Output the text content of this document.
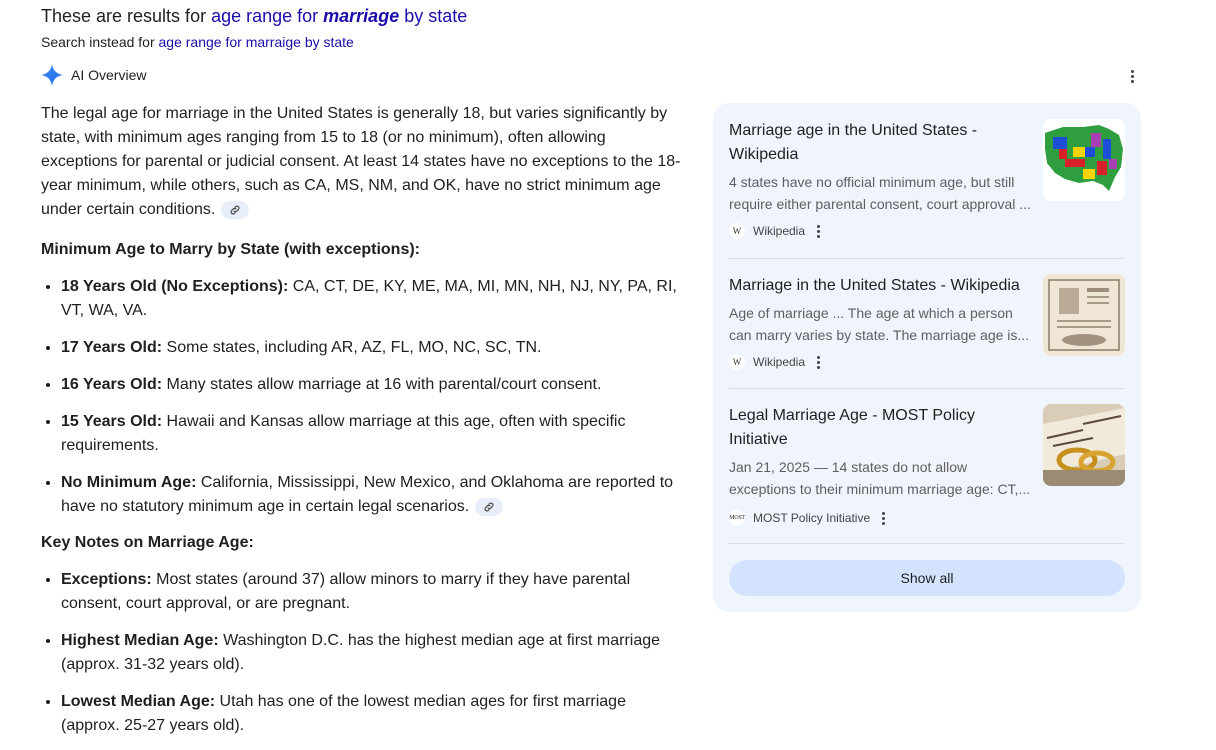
These are results for age range for marriage by state
Search instead for age range for marraige by state
AI Overview

The legal age for marriage in the United States is generally 18, but varies significantly by state, with minimum ages ranging from 15 to 18 (or no minimum), often allowing exceptions for parental or judicial consent. At least 14 states have no exceptions to the 18-year minimum, while others, such as CA, MS, NM, and OK, have no strict minimum age under certain conditions.

Minimum Age to Marry by State (with exceptions):

• 18 Years Old (No Exceptions): CA, CT, DE, KY, ME, MA, MI, MN, NH, NJ, NY, PA, RI, VT, WA, VA.
• 17 Years Old: Some states, including AR, AZ, FL, MO, NC, SC, TN.
• 16 Years Old: Many states allow marriage at 16 with parental/court consent.
• 15 Years Old: Hawaii and Kansas allow marriage at this age, often with specific requirements.
• No Minimum Age: California, Mississippi, New Mexico, and Oklahoma are reported to have no statutory minimum age in certain legal scenarios.

Key Notes on Marriage Age:

• Exceptions: Most states (around 37) allow minors to marry if they have parental consent, court approval, or are pregnant.
• Highest Median Age: Washington D.C. has the highest median age at first marriage (approx. 31-32 years old).
• Lowest Median Age: Utah has one of the lowest median ages for first marriage (approx. 25-27 years old).
Marriage age in the United States - Wikipedia
4 states have no official minimum age, but still
require either parental consent, court approval ...
W Wikipedia
Marriage in the United States - Wikipedia
Age of marriage ... The age at which a person
can marry varies by state. The marriage age is...
W Wikipedia
Legal Marriage Age - MOST Policy Initiative
Jan 21, 2025 — 14 states do not allow
exceptions to their minimum marriage age: CT,...
MOST MOST Policy Initiative
Show all
